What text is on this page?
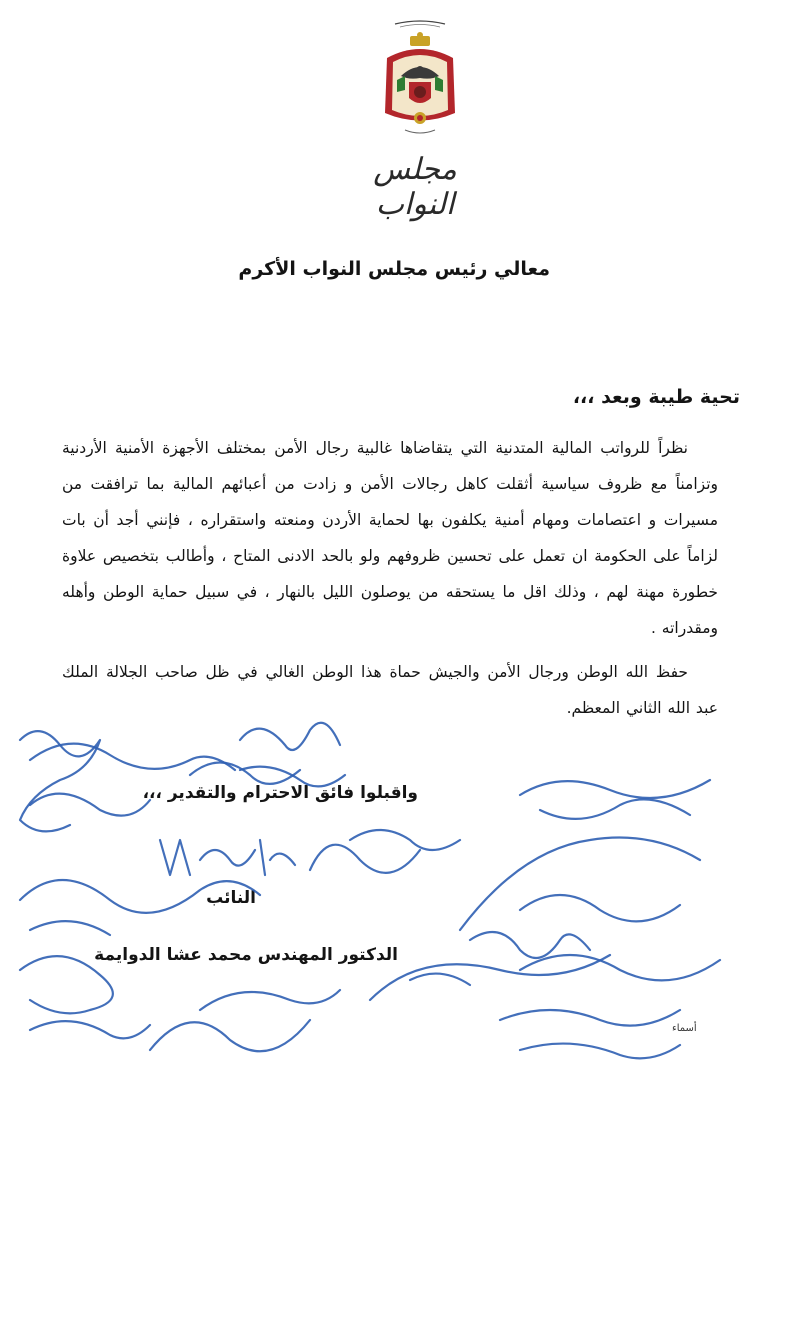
مجلس النواب
معالي رئيس مجلس النواب الأكرم
تحية طيبة وبعد ،،،

نظراً للرواتب المالية المتدنية التي يتقاضاها غالبية رجال الأمن بمختلف الأجهزة الأمنية الأردنية وتزامناً مع ظروف سياسية أثقلت كاهل رجالات الأمن و زادت من أعبائهم المالية بما ترافقت من مسيرات و اعتصامات ومهام أمنية يكلفون بها لحماية الأردن ومنعته واستقراره ، فإنني أجد أن بات لزاماً على الحكومة ان تعمل على تحسين ظروفهم ولو بالحد الادنى المتاح ، وأطالب بتخصيص علاوة خطورة مهنة لهم ، وذلك اقل ما يستحقه من يوصلون الليل بالنهار ، في سبيل حماية الوطن وأهله ومقدراته .

حفظ الله الوطن ورجال الأمن والجيش حماة هذا الوطن الغالي في ظل صاحب الجلالة الملك عبد الله الثاني المعظم.

واقبلوا فائق الاحترام والتقدير ،،،
النائب
الدكتور المهندس محمد عشا الدوايمة
أسماء
